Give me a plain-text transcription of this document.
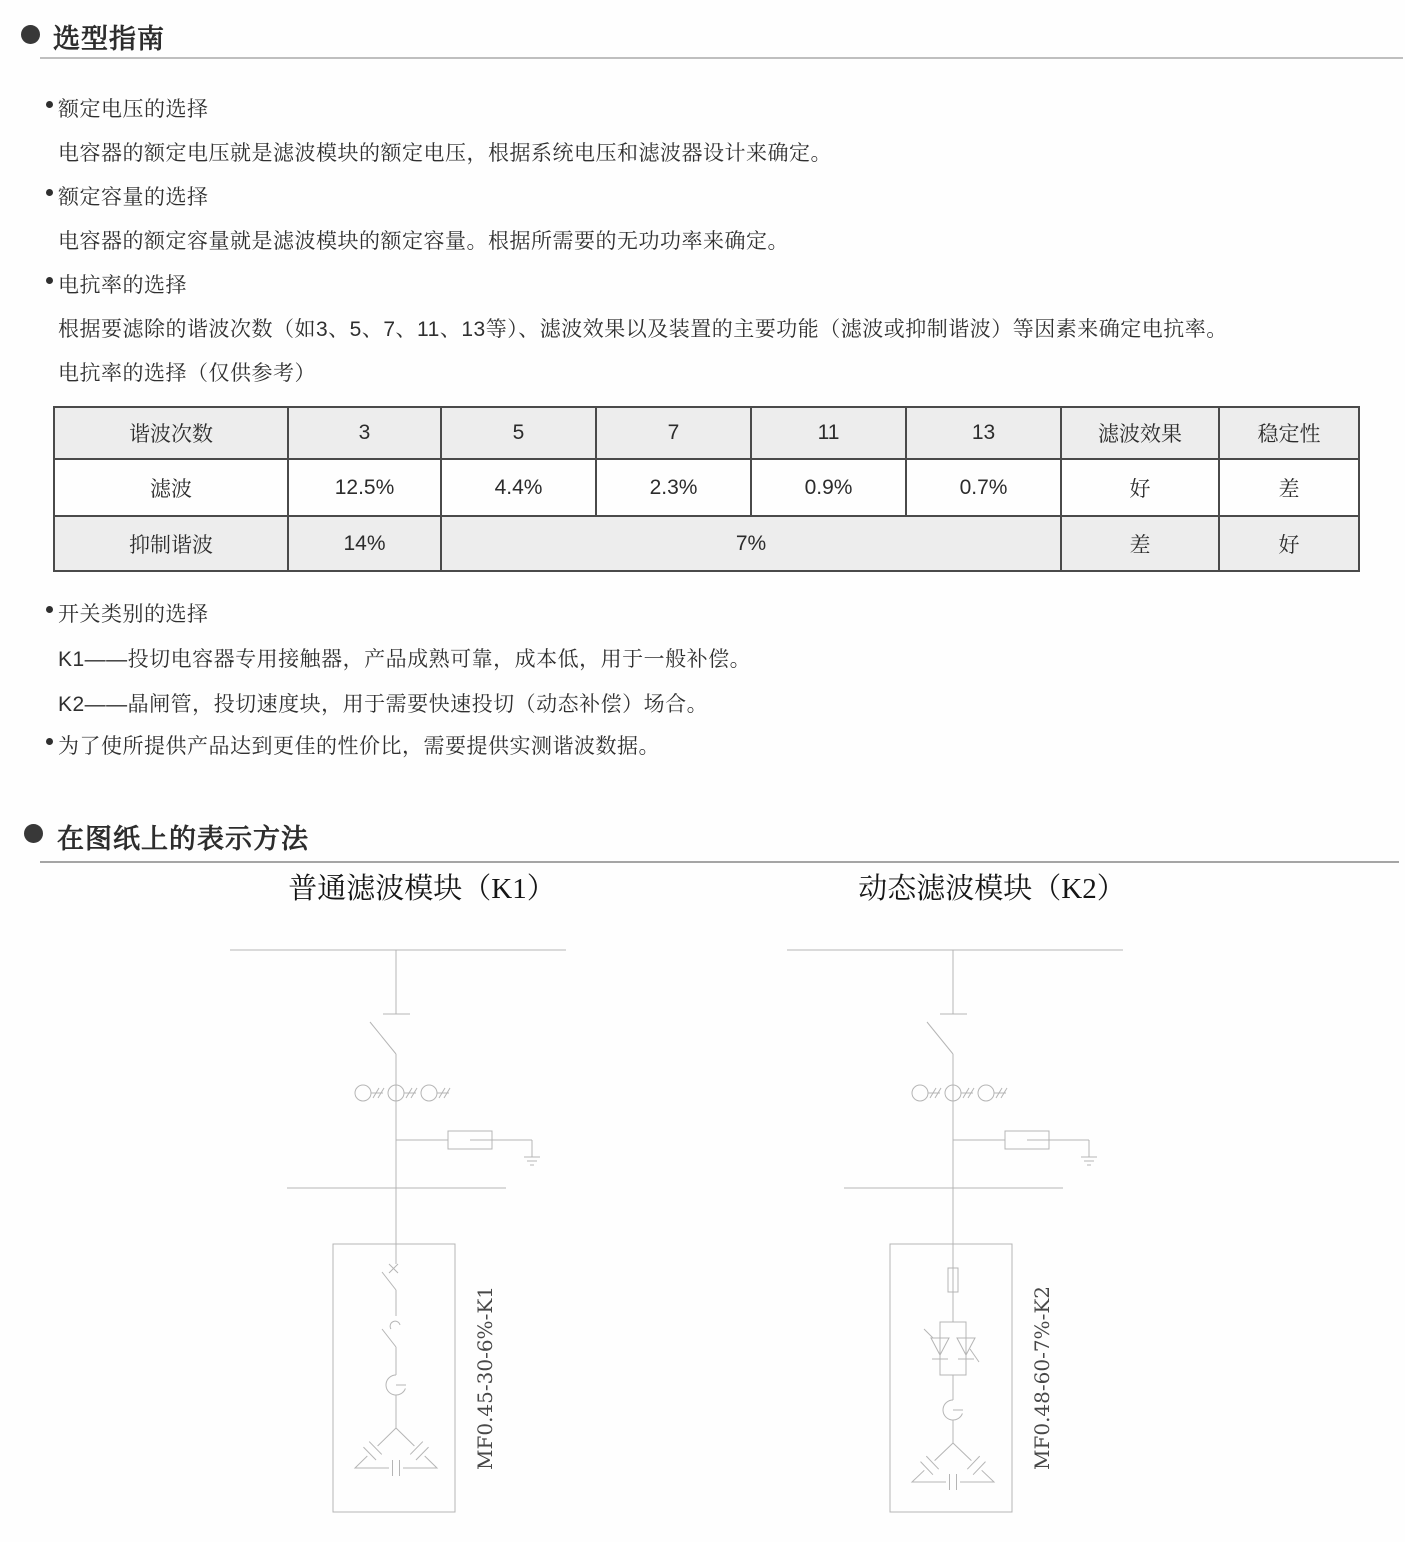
选型指南
额定电压的选择
电容器的额定电压就是滤波模块的额定电压，根据系统电压和滤波器设计来确定。
额定容量的选择
电容器的额定容量就是滤波模块的额定容量。根据所需要的无功功率来确定。
电抗率的选择
根据要滤除的谐波次数（如3、5、7、11、13等）、滤波效果以及装置的主要功能（滤波或抑制谐波）等因素来确定电抗率。
电抗率的选择（仅供参考）
谐波次数	3	5	7	11	13	滤波效果	稳定性
滤波	12.5%	4.4%	2.3%	0.9%	0.7%	好	差
抑制谐波	14%	7%				差	好
开关类别的选择
K1——投切电容器专用接触器，产品成熟可靠，成本低，用于一般补偿。
K2——晶闸管，投切速度块，用于需要快速投切（动态补偿）场合。
为了使所提供产品达到更佳的性价比，需要提供实测谐波数据。
在图纸上的表示方法
普通滤波模块（K1）	动态滤波模块（K2）
MF0.45-30-6%-K1	MF0.48-60-7%-K2
